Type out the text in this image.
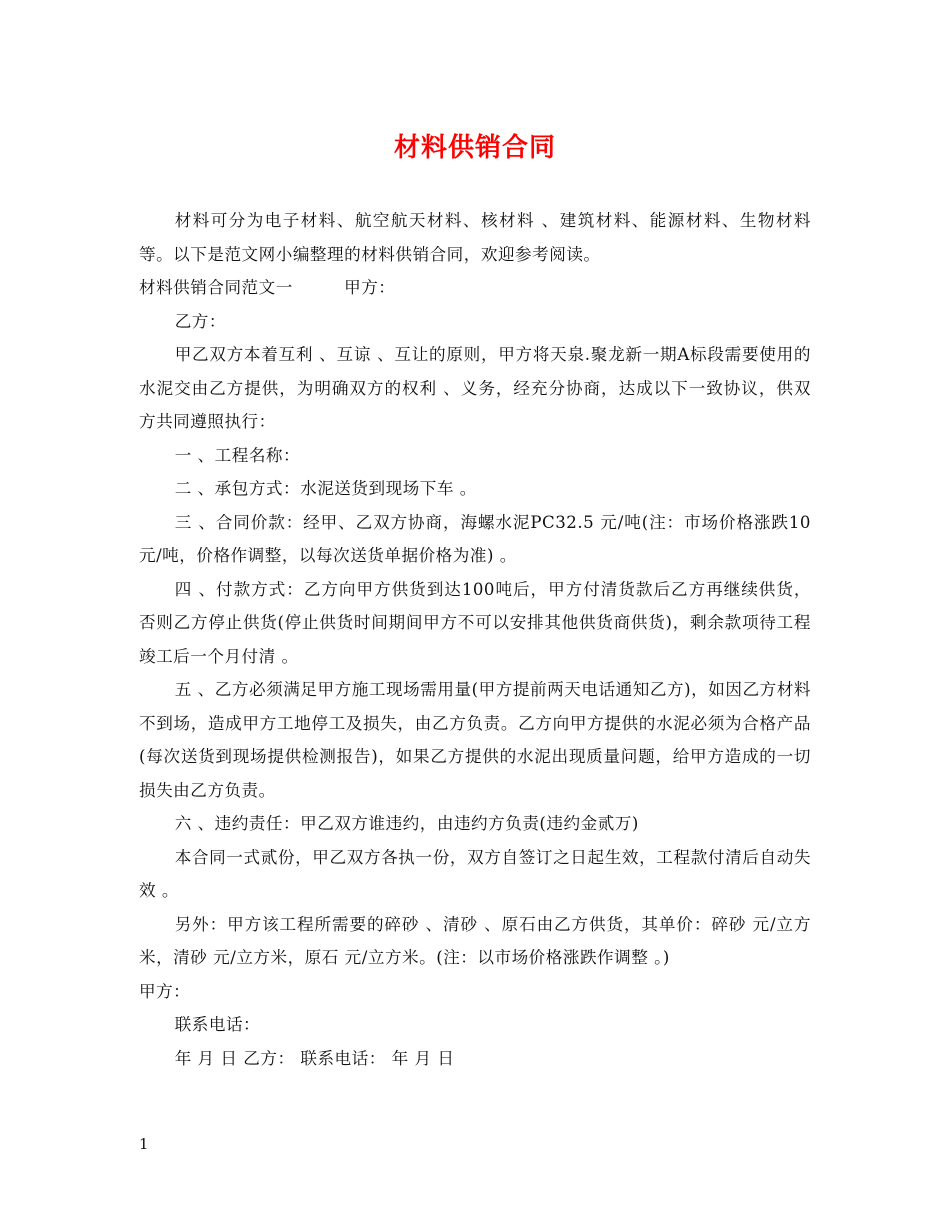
材料供销合同

材料可分为电子材料、航空航天材料、核材料 、建筑材料、能源材料、生物材料等。以下是范文网小编整理的材料供销合同，欢迎参考阅读。

材料供销合同范文一　　　甲方：

乙方：

甲乙双方本着互利 、互谅 、互让的原则，甲方将天泉.聚龙新一期A标段需要使用的水泥交由乙方提供，为明确双方的权利 、义务，经充分协商，达成以下一致协议，供双方共同遵照执行：

一 、工程名称：

二 、承包方式：水泥送货到现场下车 。

三 、合同价款：经甲、乙双方协商，海螺水泥PC32.5 元/吨(注：市场价格涨跌10元/吨，价格作调整，以每次送货单据价格为准) 。

四 、付款方式：乙方向甲方供货到达100吨后，甲方付清货款后乙方再继续供货，否则乙方停止供货(停止供货时间期间甲方不可以安排其他供货商供货)，剩余款项待工程竣工后一个月付清 。

五 、乙方必须满足甲方施工现场需用量(甲方提前两天电话通知乙方)，如因乙方材料不到场，造成甲方工地停工及损失，由乙方负责。乙方向甲方提供的水泥必须为合格产品(每次送货到现场提供检测报告)，如果乙方提供的水泥出现质量问题，给甲方造成的一切损失由乙方负责。

六 、违约责任：甲乙双方谁违约，由违约方负责(违约金贰万)

本合同一式贰份，甲乙双方各执一份，双方自签订之日起生效，工程款付清后自动失效 。

另外：甲方该工程所需要的碎砂 、清砂 、原石由乙方供货，其单价：碎砂 元/立方米，清砂 元/立方米，原石 元/立方米。(注：以市场价格涨跌作调整 。)

甲方：

联系电话：

年 月 日 乙方： 联系电话： 年 月 日

1
